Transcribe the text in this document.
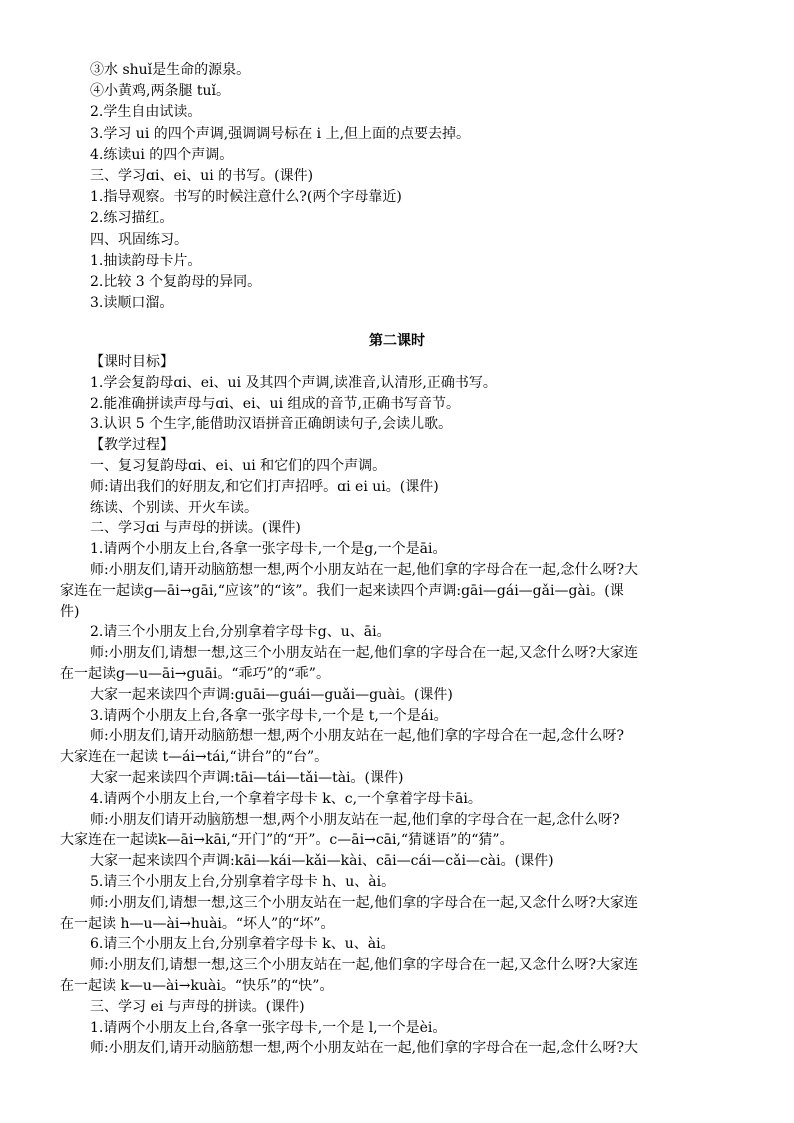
③水 shuǐ是生命的源泉。
④小黄鸡,两条腿 tuǐ。
2.学生自由试读。
3.学习 ui 的四个声调,强调调号标在 i 上,但上面的点要去掉。
4.练读ui 的四个声调。
三、学习ɑi、ei、ui 的书写。(课件)
1.指导观察。书写的时候注意什么?(两个字母靠近)
2.练习描红。
四、巩固练习。
1.抽读韵母卡片。
2.比较 3 个复韵母的异同。
3.读顺口溜。
第二课时
【课时目标】
1.学会复韵母ɑi、ei、ui 及其四个声调,读准音,认清形,正确书写。
2.能准确拼读声母与ɑi、ei、ui 组成的音节,正确书写音节。
3.认识 5 个生字,能借助汉语拼音正确朗读句子,会读儿歌。
【教学过程】
一、复习复韵母ɑi、ei、ui 和它们的四个声调。
师:请出我们的好朋友,和它们打声招呼。ɑi ei ui。(课件)
练读、个别读、开火车读。
二、学习ɑi 与声母的拼读。(课件)
1.请两个小朋友上台,各拿一张字母卡,一个是g,一个是āi。
师:小朋友们,请开动脑筋想一想,两个小朋友站在一起,他们拿的字母合在一起,念什么呀?大
家连在一起读g—āi→gāi,“应该”的“该”。我们一起来读四个声调:gāi—gái—gǎi—gài。(课
件)
2.请三个小朋友上台,分别拿着字母卡g、u、āi。
师:小朋友们,请想一想,这三个小朋友站在一起,他们拿的字母合在一起,又念什么呀?大家连
在一起读g—u—āi→guāi。“乖巧”的“乖”。
大家一起来读四个声调:guāi—guái—guǎi—guài。(课件)
3.请两个小朋友上台,各拿一张字母卡,一个是 t,一个是ái。
师:小朋友们,请开动脑筋想一想,两个小朋友站在一起,他们拿的字母合在一起,念什么呀?
大家连在一起读 t—ái→tái,“讲台”的“台”。
大家一起来读四个声调:tāi—tái—tǎi—tài。(课件)
4.请两个小朋友上台,一个拿着字母卡 k、c,一个拿着字母卡āi。
师:小朋友们请开动脑筋想一想,两个小朋友站在一起,他们拿的字母合在一起,念什么呀?
大家连在一起读k—āi→kāi,“开门”的“开”。c—āi→cāi,“猜谜语”的“猜”。
大家一起来读四个声调:kāi—kái—kǎi—kài、cāi—cái—cǎi—cài。(课件)
5.请三个小朋友上台,分别拿着字母卡 h、u、ài。
师:小朋友们,请想一想,这三个小朋友站在一起,他们拿的字母合在一起,又念什么呀?大家连
在一起读 h—u—ài→huài。“坏人”的“坏”。
6.请三个小朋友上台,分别拿着字母卡 k、u、ài。
师:小朋友们,请想一想,这三个小朋友站在一起,他们拿的字母合在一起,又念什么呀?大家连
在一起读 k—u—ài→kuài。“快乐”的“快”。
三、学习 ei 与声母的拼读。(课件)
1.请两个小朋友上台,各拿一张字母卡,一个是 l,一个是èi。
师:小朋友们,请开动脑筋想一想,两个小朋友站在一起,他们拿的字母合在一起,念什么呀?大
